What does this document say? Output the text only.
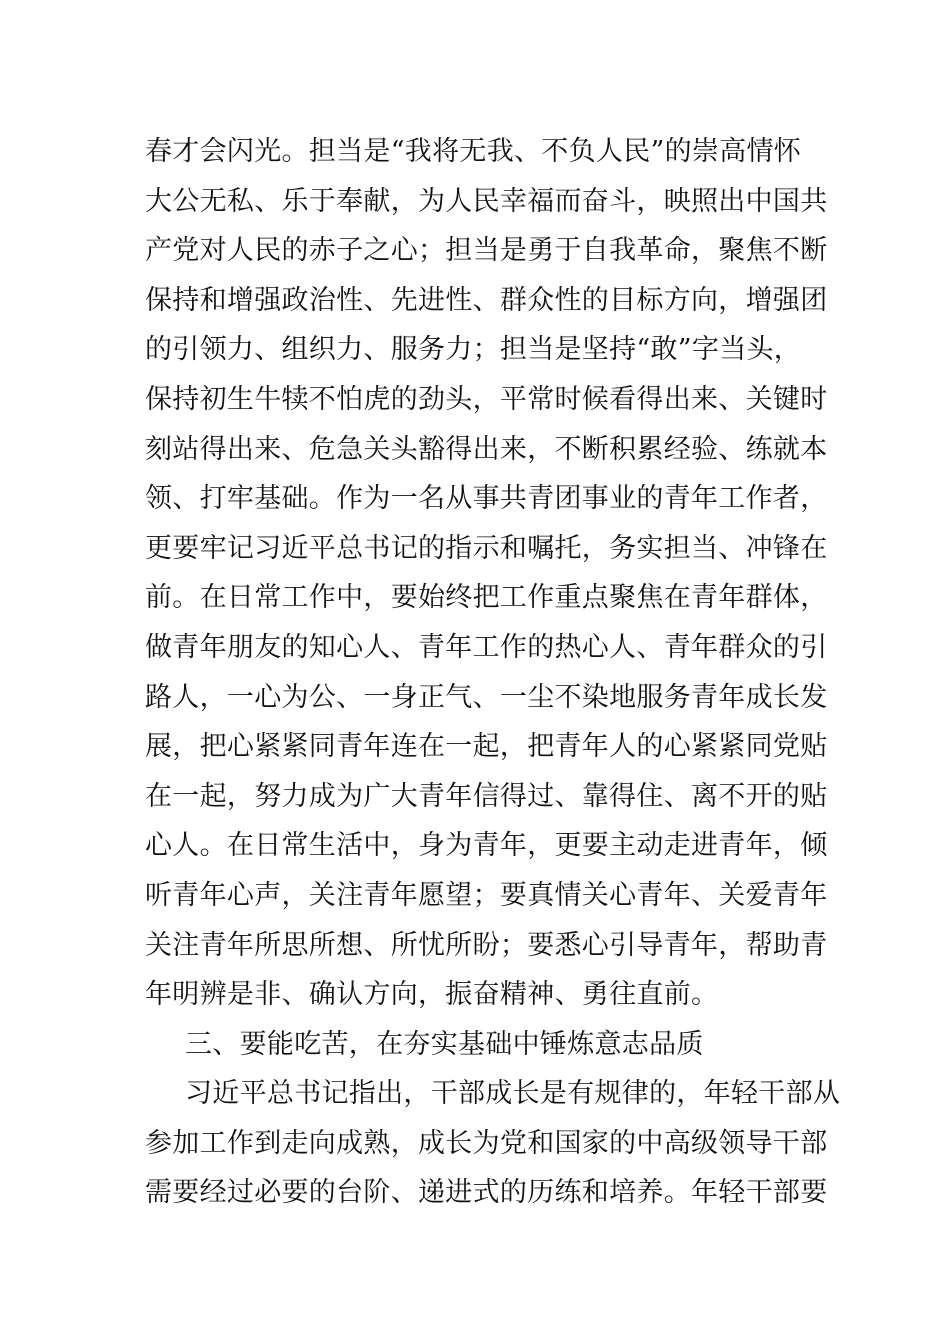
春才会闪光。担当是“我将无我、不负人民”的崇高情怀
大公无私、乐于奉献，为人民幸福而奋斗，映照出中国共
产党对人民的赤子之心；担当是勇于自我革命，聚焦不断
保持和增强政治性、先进性、群众性的目标方向，增强团
的引领力、组织力、服务力；担当是坚持“敢”字当头，
保持初生牛犊不怕虎的劲头，平常时候看得出来、关键时
刻站得出来、危急关头豁得出来，不断积累经验、练就本
领、打牢基础。作为一名从事共青团事业的青年工作者，
更要牢记习近平总书记的指示和嘱托，务实担当、冲锋在
前。在日常工作中，要始终把工作重点聚焦在青年群体，
做青年朋友的知心人、青年工作的热心人、青年群众的引
路人，一心为公、一身正气、一尘不染地服务青年成长发
展，把心紧紧同青年连在一起，把青年人的心紧紧同党贴
在一起，努力成为广大青年信得过、靠得住、离不开的贴
心人。在日常生活中，身为青年，更要主动走进青年，倾
听青年心声，关注青年愿望；要真情关心青年、关爱青年
关注青年所思所想、所忧所盼；要悉心引导青年，帮助青
年明辨是非、确认方向，振奋精神、勇往直前。
三、要能吃苦，在夯实基础中锤炼意志品质
习近平总书记指出，干部成长是有规律的，年轻干部从
参加工作到走向成熟，成长为党和国家的中高级领导干部
需要经过必要的台阶、递进式的历练和培养。年轻干部要
